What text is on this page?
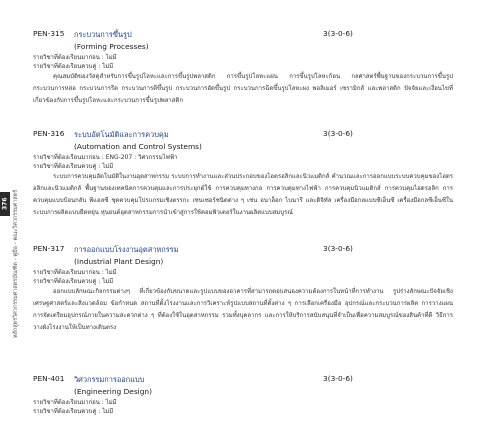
376 หลักสูตรวิศวกรรมศาสตรบัณฑิต - คู่มือ - คณะวิศวกรรมศาสตร์
PEN-315 กระบวนการขึ้นรูป	3(3-0-6)
(Forming Processes)
รายวิชาที่ต้องเรียนมาก่อน : ไม่มี
รายวิชาที่ต้องเรียนควบคู่ : ไม่มี

คุณสมบัติของวัสดุสำหรับการขึ้นรูปโลหะและการขึ้นรูปพลาสติก การขึ้นรูปโลหะแผ่น การขึ้นรูปโลหะก้อน กลศาสตร์พื้นฐานของกระบวนการขึ้นรูป กระบวนการหล่อ กระบวนการรีด กระบวนการตีขึ้นรูป กระบวนการอัดขึ้นรูป กระบวนการฉีดขึ้นรูปโลหะผง พอลิเมอร์ เซรามิกส์ และพลาสติก ปัจจัยและเงื่อนไขที่เกี่ยวข้องกับการขึ้นรูปโลหะและกระบวนการขึ้นรูปพลาสติก

PEN-316 ระบบอัตโนมัติและการควบคุม	3(3-0-6)
(Automation and Control Systems)
รายวิชาที่ต้องเรียนมาก่อน : ENG-207 : วิศวกรรมไฟฟ้า
รายวิชาที่ต้องเรียนควบคู่ : ไม่มี

ระบบการควบคุมอัตโนมัติในงานอุตสาหกรรม ระบบการทำงานและส่วนประกอบของไฮดรอลิกและนิวแมติกส์ คำนวณและการออกแบบระบบควบคุมของไฮดรอลิกและนิวแมติกส์ พื้นฐานของเทคนิคการควบคุมและการประยุกต์ใช้ การควบคุมทางกล การควบคุมทางไฟฟ้า การควบคุมนิวแมติกส์ การควบคุมไฮดรอลิก การควบคุมแบบป้อนกลับ พีแอลซี ชุดควบคุมโปรแกรมเชิงตรรกะ เซนเซอร์ชนิดต่าง ๆ เช่น อนาล็อก ไบนารี และดิจิทัล เครื่องมือกลแบบซีเอ็นซี เครื่องมือกลซีเอ็นซีในระบบการผลิตแบบยืดหยุ่น หุ่นยนต์อุตสาหกรรมการนำเข้าสู่การใช้คอมพิวเตอร์ในงานผลิตแบบสมบูรณ์

PEN-317 การออกแบบโรงงานอุตสาหกรรม	3(3-0-6)
(Industrial Plant Design)
รายวิชาที่ต้องเรียนมาก่อน : ไม่มี
รายวิชาที่ต้องเรียนควบคู่ : ไม่มี

ออกแบบลักษณะกิจกรรมต่างๆ ที่เกี่ยวข้องกับขนาดและรูปแบบของอาคารที่สามารถตอบสนองความต้องการในหน้าที่การทำงาน รูปร่างลักษณะปัจจัยเชิงเศรษฐศาสตร์และสิ่งแวดล้อม ข้อกำหนด สถานที่ตั้งโรงงานและการวิเคราะห์รูปแบบสถานที่ตั้งต่าง ๆ การเลือกเครื่องมือ อุปกรณ์และกระบวนการผลิต การวางแผนการจัดเตรียมอุปกรณ์ภายในความสะดวกต่าง ๆ ที่ต้องใช้ในอุตสาหกรรม รวมทั้งบุคลากร และการให้บริการสนับสนุนที่จำเป็นเพื่อความสมบูรณ์ของสินค้าที่ดี วิธีการวางผังโรงงานให้เป็นทางเดินตรง

PEN-401 วิศวกรรมการออกแบบ	3(3-0-6)
(Engineering Design)
รายวิชาที่ต้องเรียนมาก่อน : ไม่มี
รายวิชาที่ต้องเรียนควบคู่ : ไม่มี
